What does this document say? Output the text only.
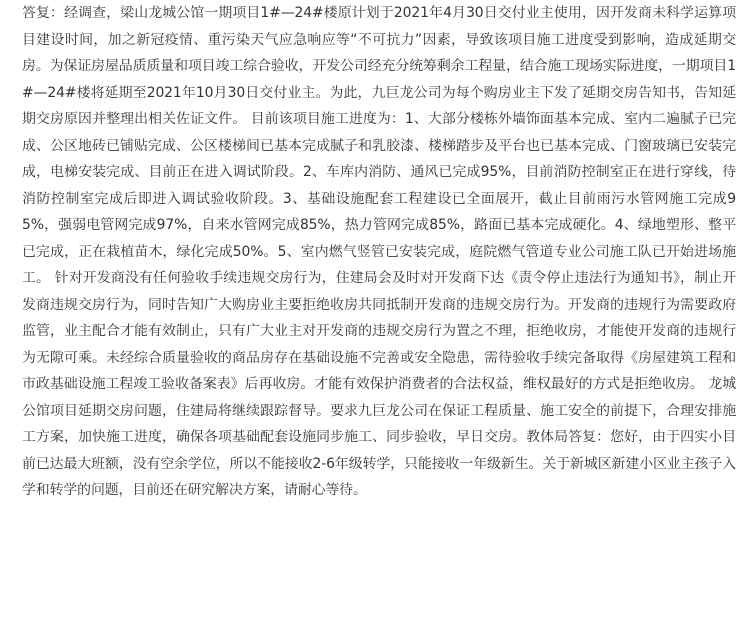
答复：经调查，梁山龙城公馆一期项目1#—24#楼原计划于2021年4月30日交付业主使用，因开发商未科学运算项目建设时间，加之新冠疫情、重污染天气应急响应等“不可抗力”因素，导致该项目施工进度受到影响，造成延期交房。为保证房屋品质质量和项目竣工综合验收，开发公司经充分统筹剩余工程量，结合施工现场实际进度，一期项目1#—24#楼将延期至2021年10月30日交付业主。为此，九巨龙公司为每个购房业主下发了延期交房告知书，告知延期交房原因并整理出相关佐证文件。 目前该项目施工进度为：1、大部分楼栋外墙饰面基本完成、室内二遍腻子已完成、公区地砖已铺贴完成、公区楼梯间已基本完成腻子和乳胶漆、楼梯踏步及平台也已基本完成、门窗玻璃已安装完成，电梯安装完成、目前正在进入调试阶段。2、车库内消防、通风已完成95%，目前消防控制室正在进行穿线，待消防控制室完成后即进入调试验收阶段。3、基础设施配套工程建设已全面展开，截止目前雨污水管网施工完成95%，强弱电管网完成97%，自来水管网完成85%，热力管网完成85%，路面已基本完成硬化。4、绿地塑形、整平已完成，正在栽植苗木，绿化完成50%。5、室内燃气竖管已安装完成，庭院燃气管道专业公司施工队已开始进场施工。 针对开发商没有任何验收手续违规交房行为，住建局会及时对开发商下达《责令停止违法行为通知书》，制止开发商违规交房行为，同时告知广大购房业主要拒绝收房共同抵制开发商的违规交房行为。开发商的违规行为需要政府监管，业主配合才能有效制止，只有广大业主对开发商的违规交房行为置之不理，拒绝收房，才能使开发商的违规行为无隙可乘。未经综合质量验收的商品房存在基础设施不完善或安全隐患，需待验收手续完备取得《房屋建筑工程和市政基础设施工程竣工验收备案表》后再收房。才能有效保护消费者的合法权益，维权最好的方式是拒绝收房。 龙城公馆项目延期交房问题，住建局将继续跟踪督导。要求九巨龙公司在保证工程质量、施工安全的前提下，合理安排施工方案，加快施工进度，确保各项基础配套设施同步施工、同步验收，早日交房。教体局答复：您好，由于四实小目前已达最大班额，没有空余学位，所以不能接收2-6年级转学，只能接收一年级新生。关于新城区新建小区业主孩子入学和转学的问题，目前还在研究解决方案，请耐心等待。
